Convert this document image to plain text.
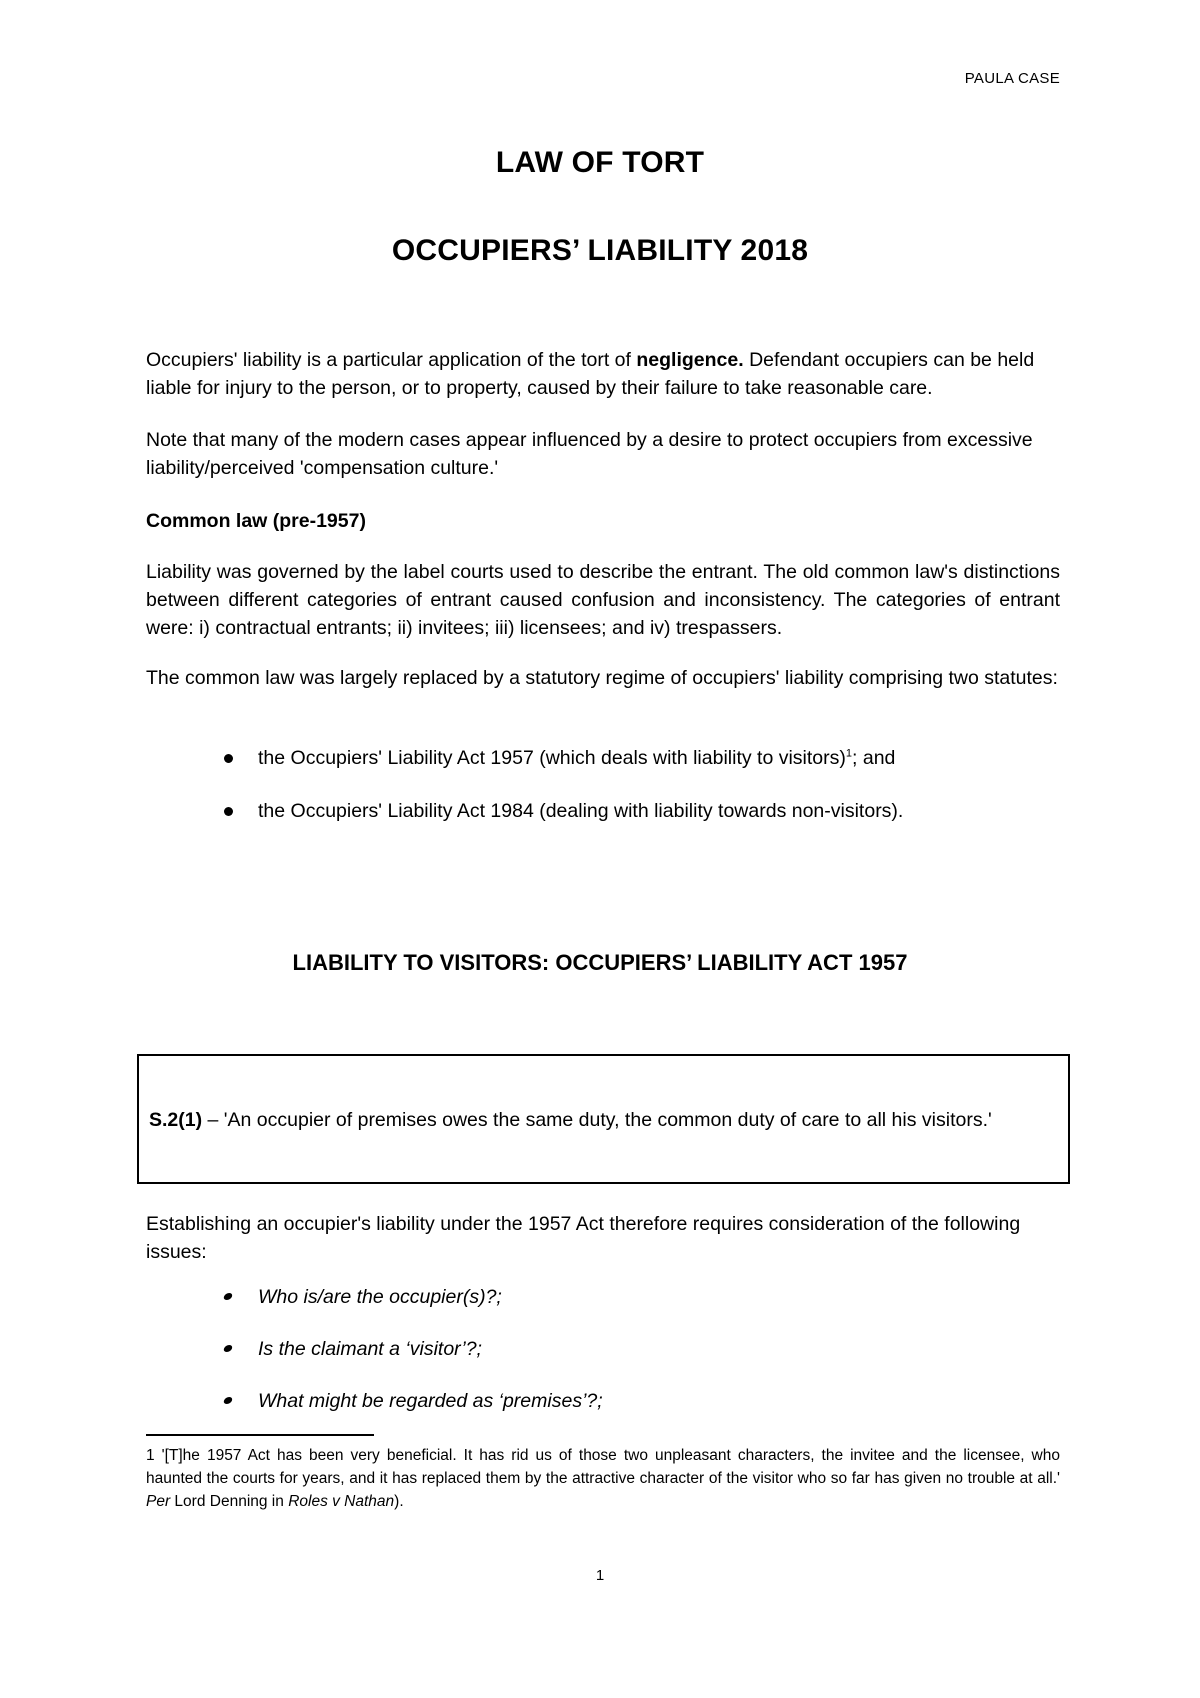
PAULA CASE
LAW OF TORT
OCCUPIERS’ LIABILITY 2018
Occupiers' liability is a particular application of the tort of negligence. Defendant occupiers can be held liable for injury to the person, or to property, caused by their failure to take reasonable care.
Note that many of the modern cases appear influenced by a desire to protect occupiers from excessive liability/perceived 'compensation culture.'
Common law (pre-1957)
Liability was governed by the label courts used to describe the entrant. The old common law's distinctions between different categories of entrant caused confusion and inconsistency. The categories of entrant were: i) contractual entrants; ii) invitees; iii) licensees; and iv) trespassers.
The common law was largely replaced by a statutory regime of occupiers' liability comprising two statutes:
the Occupiers' Liability Act 1957 (which deals with liability to visitors)$^1$; and
the Occupiers' Liability Act 1984 (dealing with liability towards non-visitors).
LIABILITY TO VISITORS: OCCUPIERS’ LIABILITY ACT 1957
S.2(1) – 'An occupier of premises owes the same duty, the common duty of care to all his visitors.'
Establishing an occupier's liability under the 1957 Act therefore requires consideration of the following issues:
Who is/are the occupier(s)?;
Is the claimant a ‘visitor’?;
What might be regarded as ‘premises’?;
1 '[T]he 1957 Act has been very beneficial. It has rid us of those two unpleasant characters, the invitee and the licensee, who haunted the courts for years, and it has replaced them by the attractive character of the visitor who so far has given no trouble at all.' Per Lord Denning in Roles v Nathan).
1
